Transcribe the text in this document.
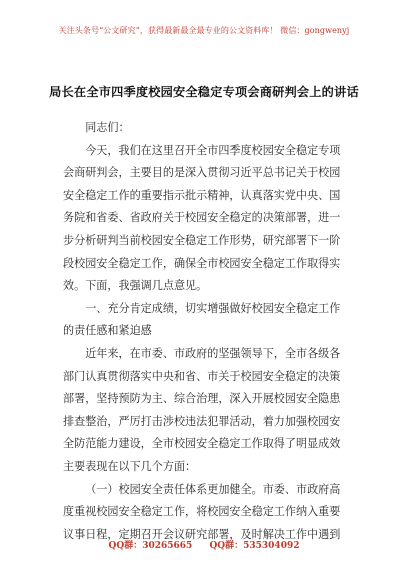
关注头条号“公文研究”，获得最新最全最专业的公文资料库！ 微信：gongwenyj
局长在全市四季度校园安全稳定专项会商研判会上的讲话

同志们：

今天，我们在这里召开全市四季度校园安全稳定专项
会商研判会，主要目的是深入贯彻习近平总书记关于校园
安全稳定工作的重要指示批示精神，认真落实党中央、国
务院和省委、省政府关于校园安全稳定的决策部署，进一
步分析研判当前校园安全稳定工作形势，研究部署下一阶
段校园安全稳定工作，确保全市校园安全稳定工作取得实
效。下面，我强调几点意见。

一、充分肯定成绩，切实增强做好校园安全稳定工作
的责任感和紧迫感

近年来，在市委、市政府的坚强领导下，全市各级各
部门认真贯彻落实中央和省、市关于校园安全稳定的决策
部署，坚持预防为主、综合治理，深入开展校园安全隐患
排查整治，严厉打击涉校违法犯罪活动，着力加强校园安
全防范能力建设，全市校园安全稳定工作取得了明显成效
主要表现在以下几个方面：

（一）校园安全责任体系更加健全。市委、市政府高
度重视校园安全稳定工作，将校园安全稳定工作纳入重要
议事日程，定期召开会议研究部署，及时解决工作中遇到

QQ群：30265665 QQ群：535304092
